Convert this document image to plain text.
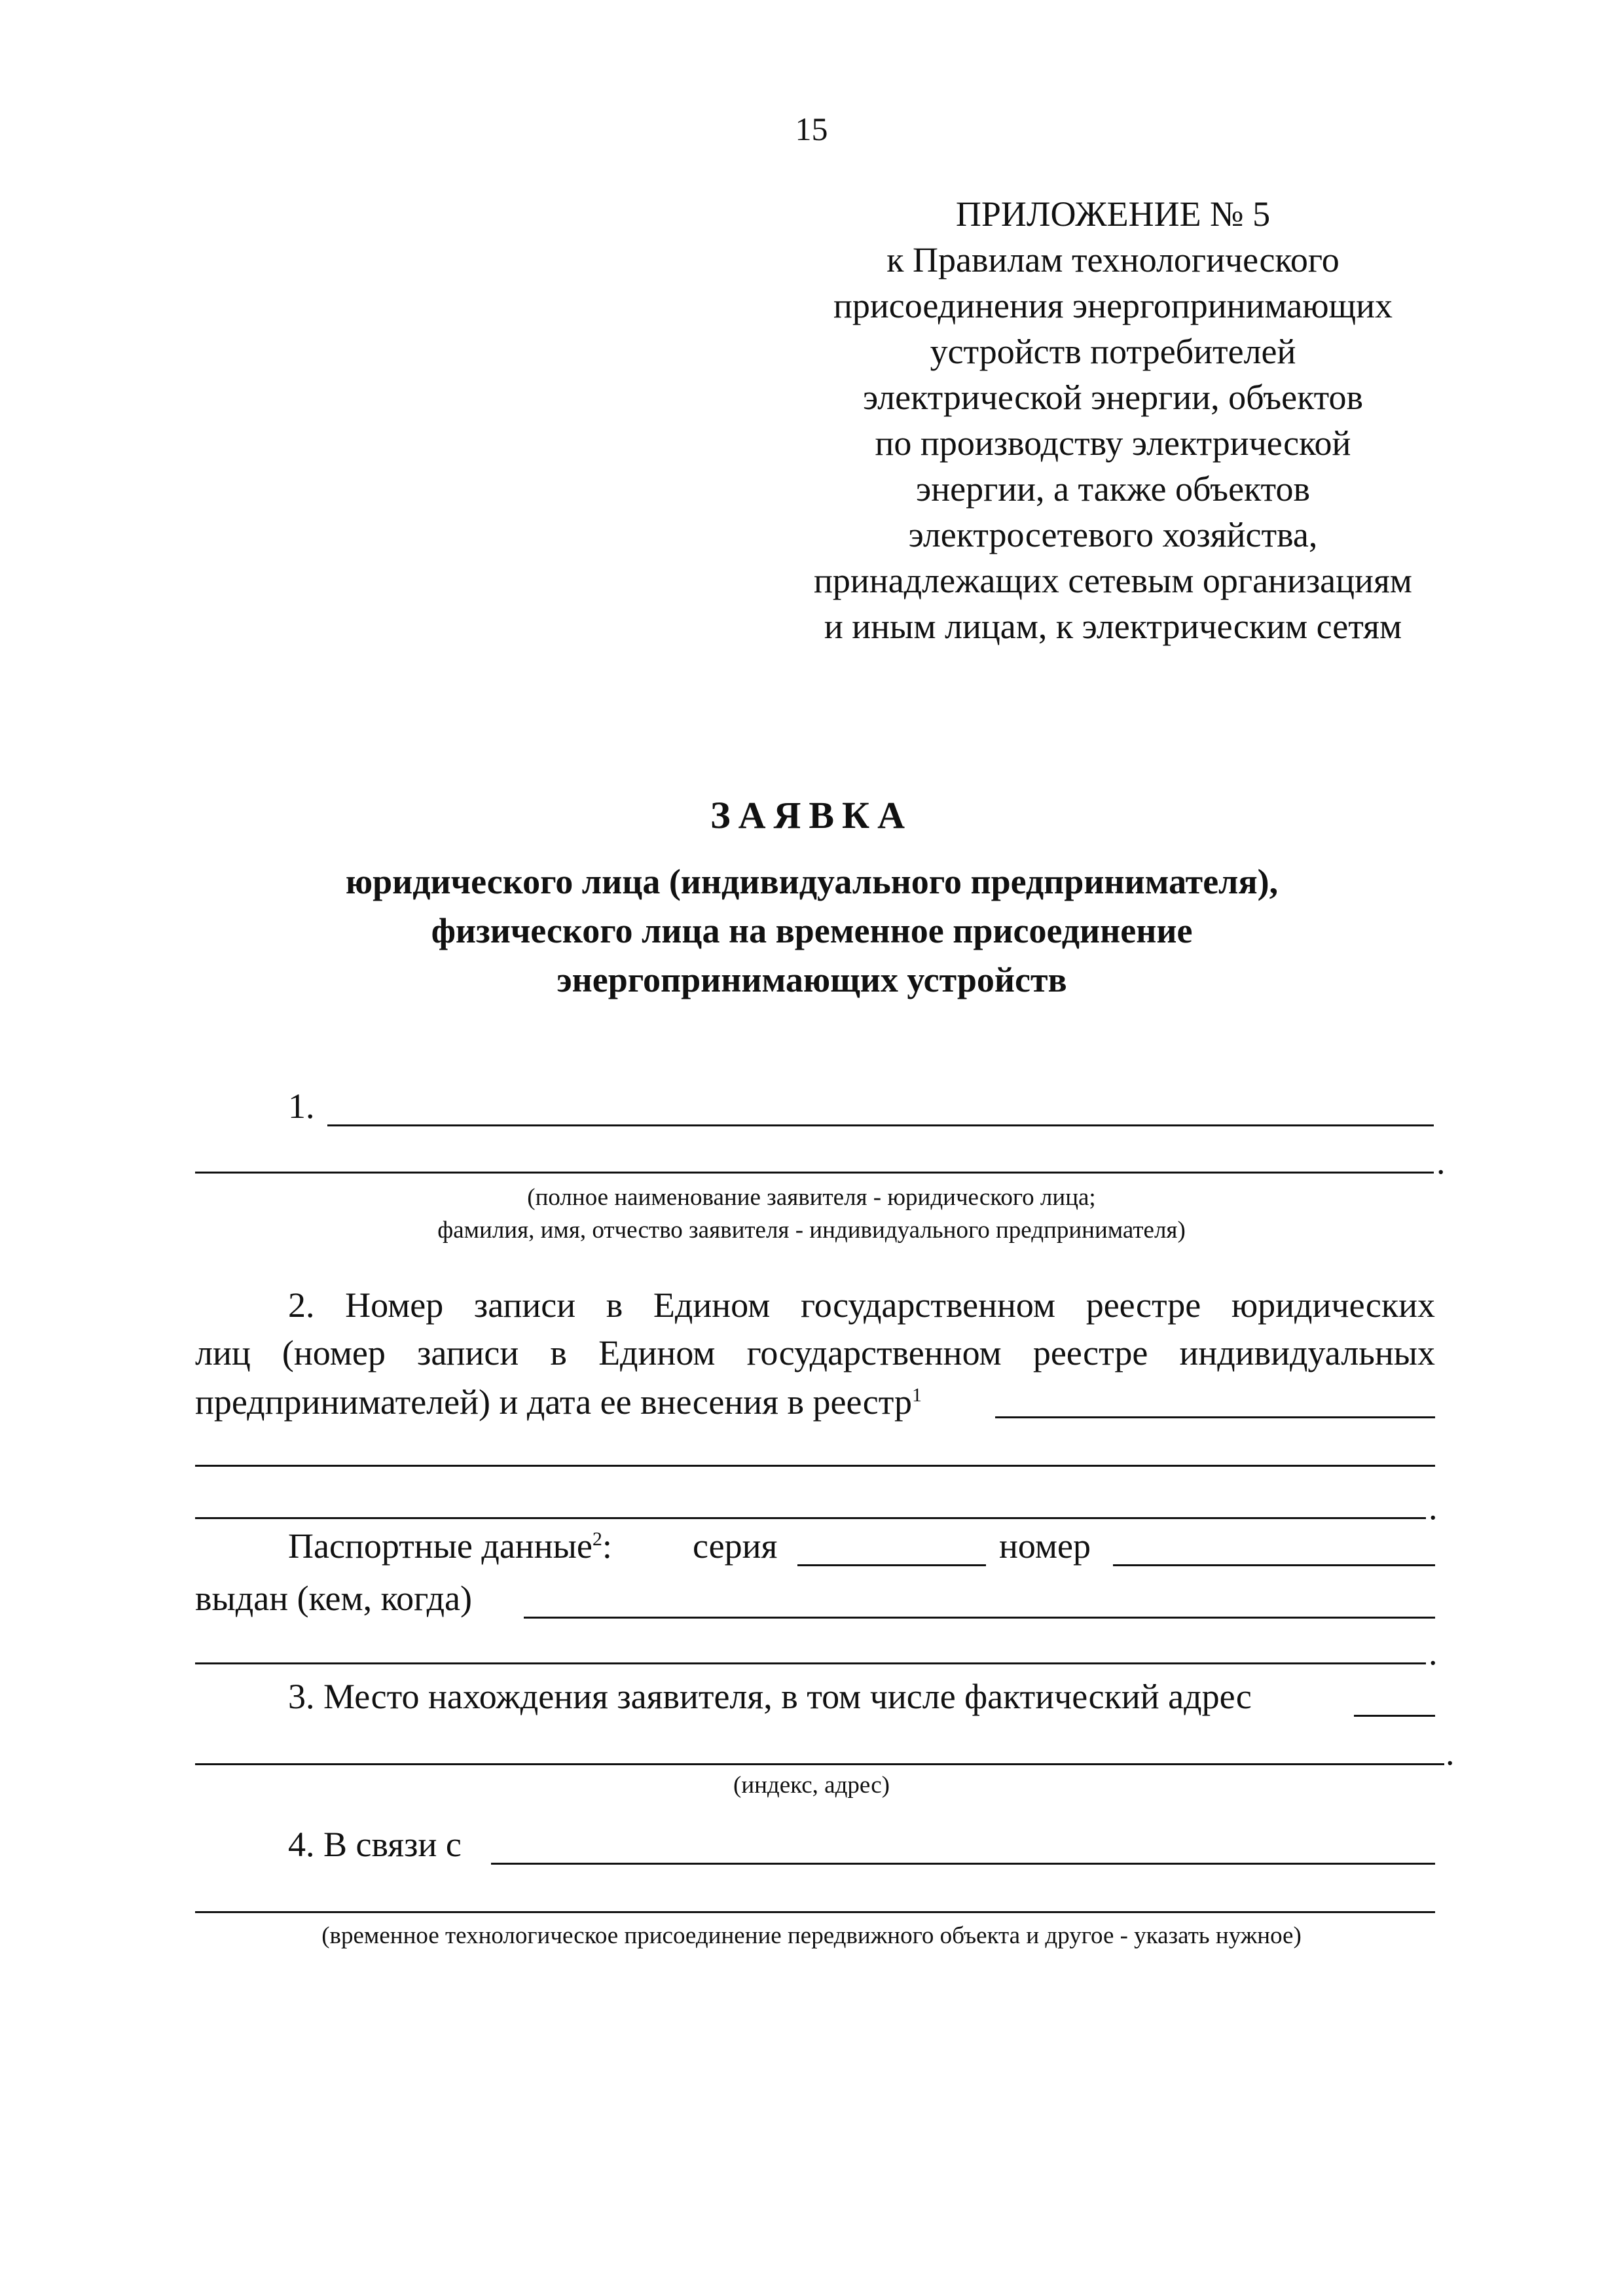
15
ПРИЛОЖЕНИЕ № 5
к Правилам технологического
присоединения энергопринимающих
устройств потребителей
электрической энергии, объектов
по производству электрической
энергии, а также объектов
электросетевого хозяйства,
принадлежащих сетевым организациям
и иным лицам, к электрическим сетям
ЗАЯВКА
юридического лица (индивидуального предпринимателя),
физического лица на временное присоединение
энергопринимающих устройств
1.
.
(полное наименование заявителя - юридического лица;
фамилия, имя, отчество заявителя - индивидуального предпринимателя)
2. Номер записи в Едином государственном реестре юридических
лиц (номер записи в Едином государственном реестре индивидуальных
предпринимателей) и дата ее внесения в реестр$^1$
.
Паспортные данные$^2$: серия	номер
выдан (кем, когда)
.
3. Место нахождения заявителя, в том числе фактический адрес
.
(индекс, адрес)
4. В связи с
(временное технологическое присоединение передвижного объекта и другое - указать нужное)
